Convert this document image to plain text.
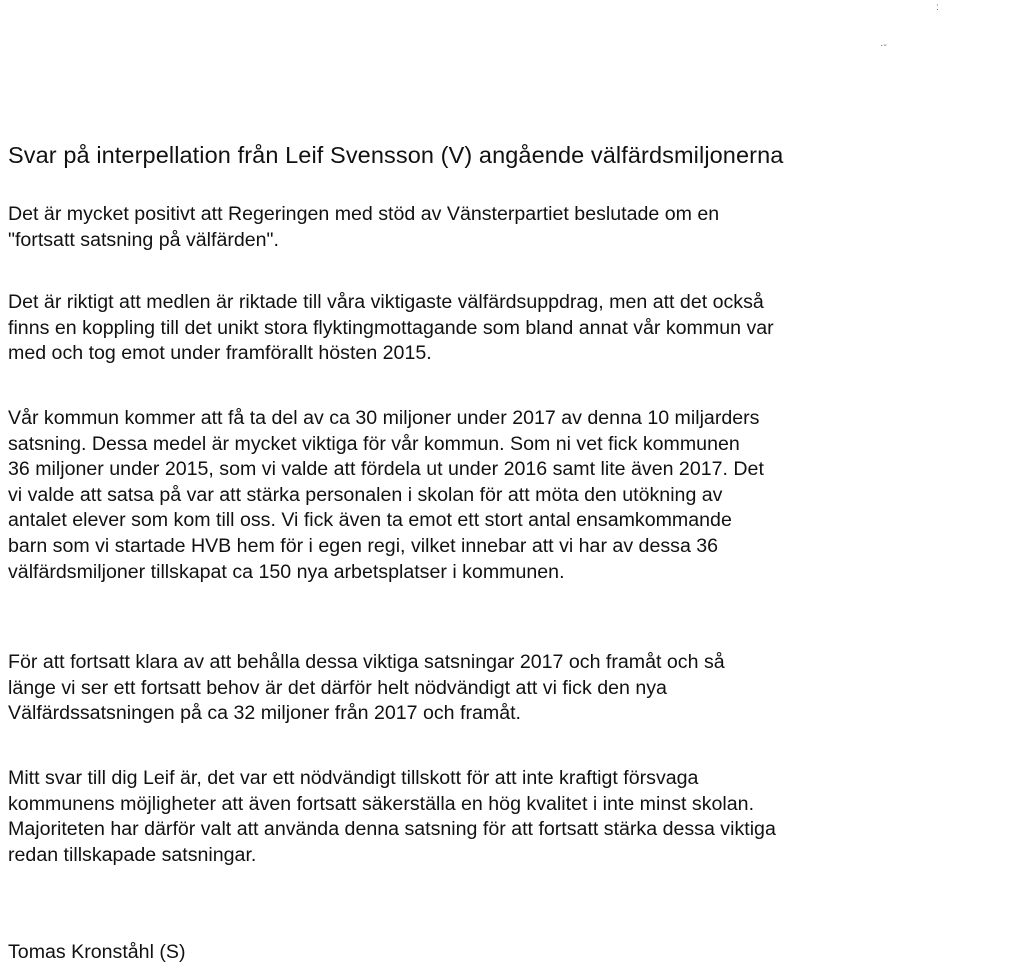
:
·-
Svar på interpellation från Leif Svensson (V) angående välfärdsmiljonerna

Det är mycket positivt att Regeringen med stöd av Vänsterpartiet beslutade om en
"fortsatt satsning på välfärden".

Det är riktigt att medlen är riktade till våra viktigaste välfärdsuppdrag, men att det också
finns en koppling till det unikt stora flyktingmottagande som bland annat vår kommun var
med och tog emot under framförallt hösten 2015.

Vår kommun kommer att få ta del av ca 30 miljoner under 2017 av denna 10 miljarders
satsning. Dessa medel är mycket viktiga för vår kommun. Som ni vet fick kommunen
36 miljoner under 2015, som vi valde att fördela ut under 2016 samt lite även 2017. Det
vi valde att satsa på var att stärka personalen i skolan för att möta den utökning av
antalet elever som kom till oss. Vi fick även ta emot ett stort antal ensamkommande
barn som vi startade HVB hem för i egen regi, vilket innebar att vi har av dessa 36
välfärdsmiljoner tillskapat ca 150 nya arbetsplatser i kommunen.

För att fortsatt klara av att behålla dessa viktiga satsningar 2017 och framåt och så
länge vi ser ett fortsatt behov är det därför helt nödvändigt att vi fick den nya
Välfärdssatsningen på ca 32 miljoner från 2017 och framåt.

Mitt svar till dig Leif är, det var ett nödvändigt tillskott för att inte kraftigt försvaga
kommunens möjligheter att även fortsatt säkerställa en hög kvalitet i inte minst skolan.
Majoriteten har därför valt att använda denna satsning för att fortsatt stärka dessa viktiga
redan tillskapade satsningar.

Tomas Kronståhl (S)
